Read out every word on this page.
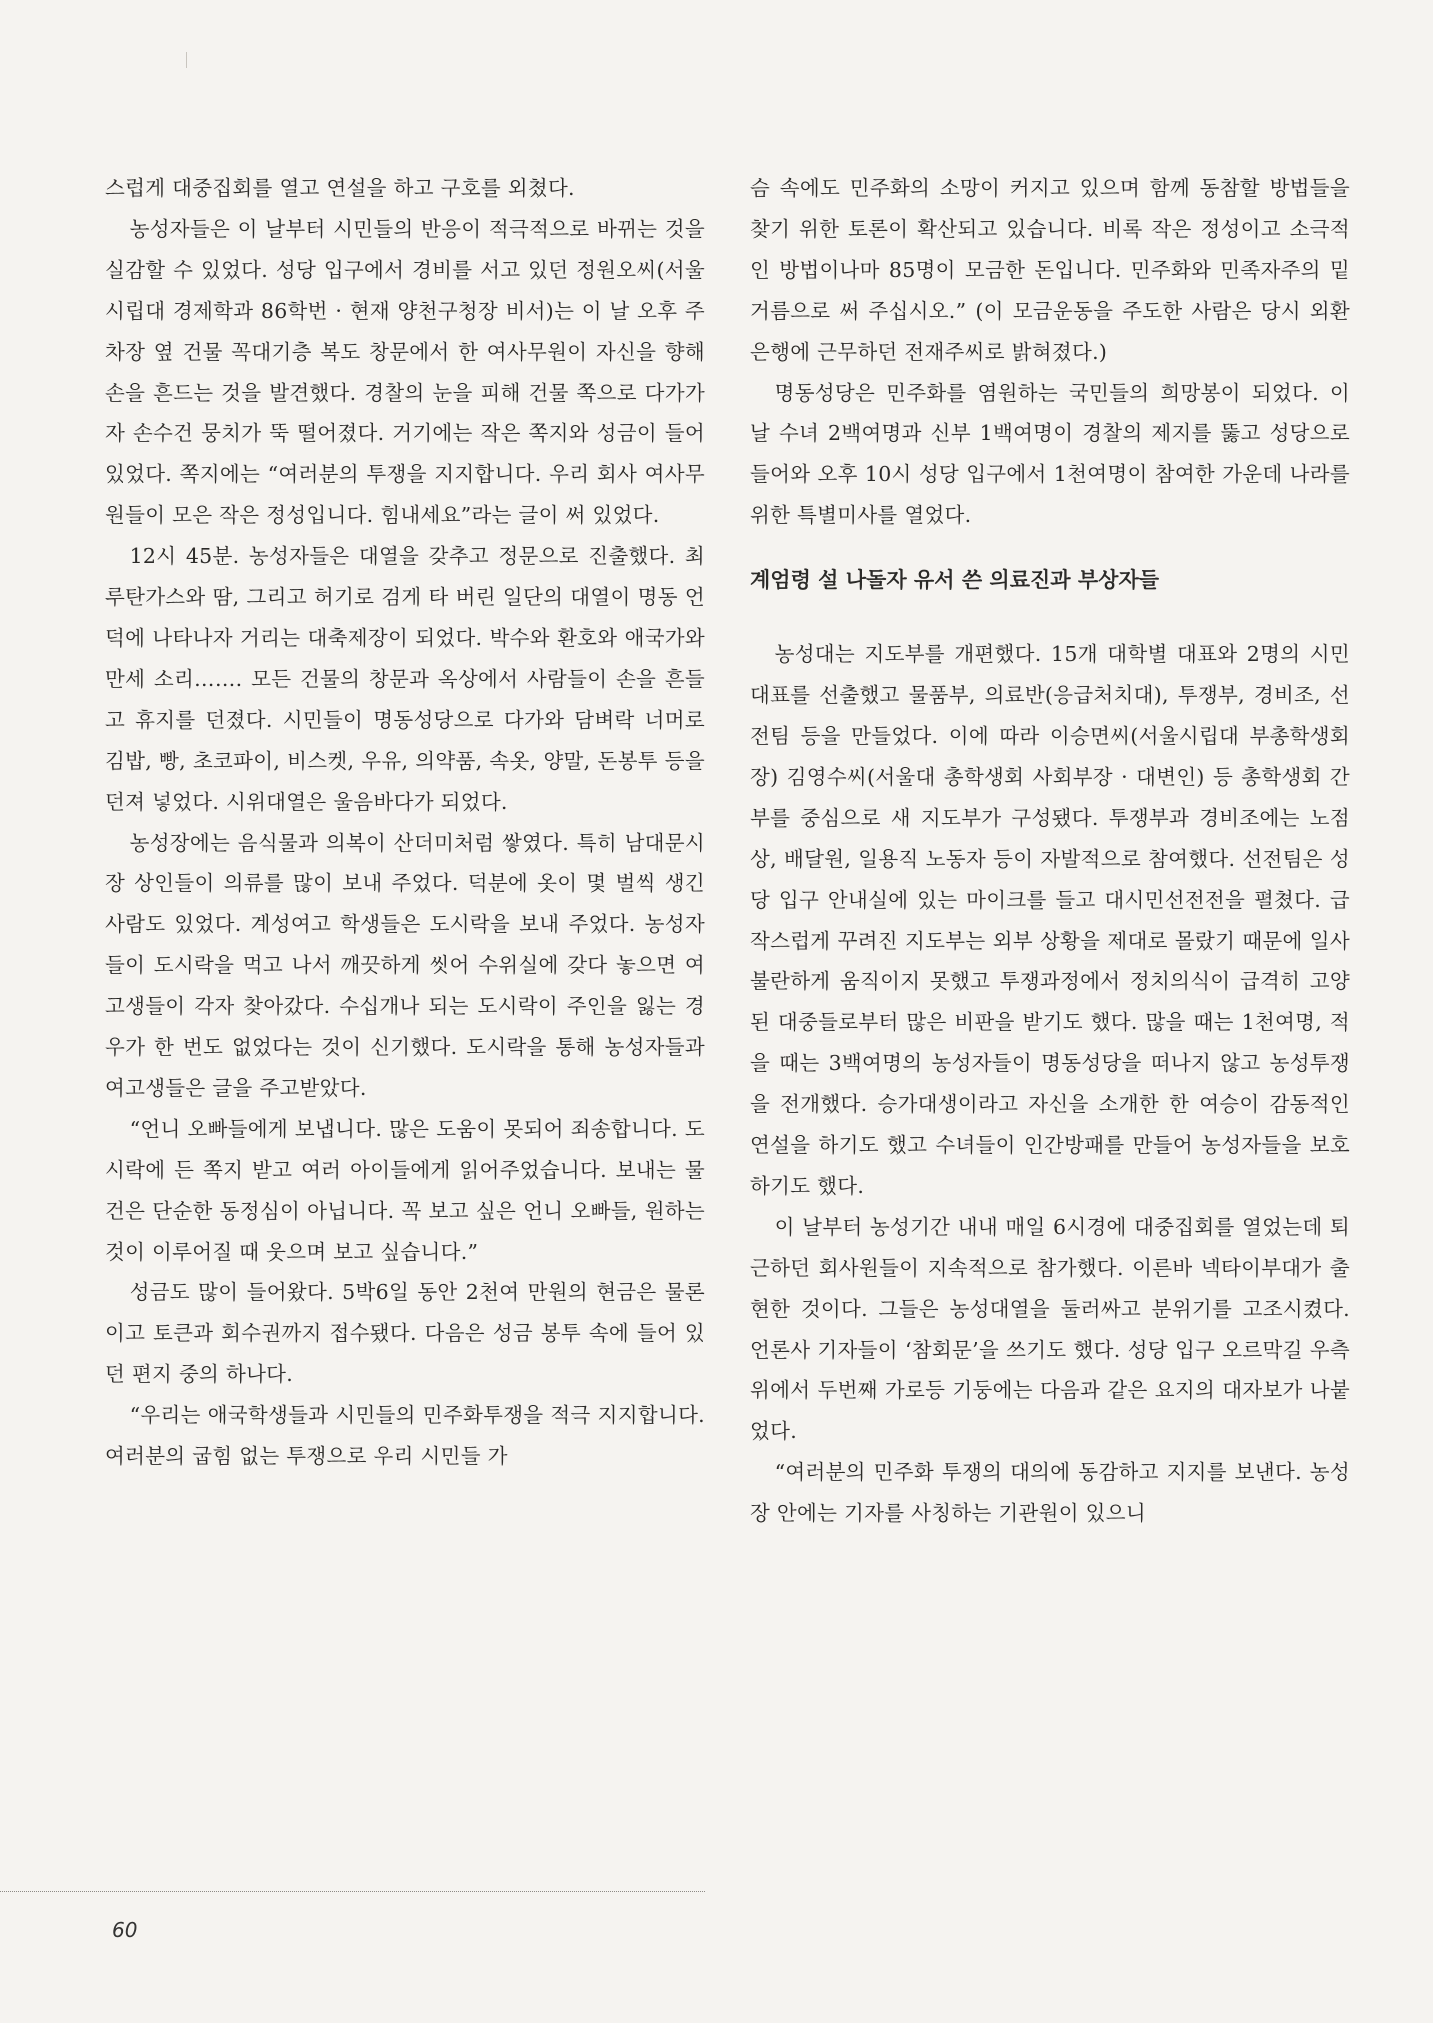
스럽게 대중집회를 열고 연설을 하고 구호를 외쳤다.

농성자들은 이 날부터 시민들의 반응이 적극적으로 바뀌는 것을 실감할 수 있었다. 성당 입구에서 경비를 서고 있던 정원오씨(서울시립대 경제학과 86학번 · 현재 양천구청장 비서)는 이 날 오후 주차장 옆 건물 꼭대기층 복도 창문에서 한 여사무원이 자신을 향해 손을 흔드는 것을 발견했다. 경찰의 눈을 피해 건물 쪽으로 다가가자 손수건 뭉치가 뚝 떨어졌다. 거기에는 작은 쪽지와 성금이 들어 있었다. 쪽지에는 “여러분의 투쟁을 지지합니다. 우리 회사 여사무원들이 모은 작은 정성입니다. 힘내세요”라는 글이 써 있었다.

12시 45분. 농성자들은 대열을 갖추고 정문으로 진출했다. 최루탄가스와 땀, 그리고 허기로 검게 타 버린 일단의 대열이 명동 언덕에 나타나자 거리는 대축제장이 되었다. 박수와 환호와 애국가와 만세 소리……. 모든 건물의 창문과 옥상에서 사람들이 손을 흔들고 휴지를 던졌다. 시민들이 명동성당으로 다가와 담벼락 너머로 김밥, 빵, 초코파이, 비스켓, 우유, 의약품, 속옷, 양말, 돈봉투 등을 던져 넣었다. 시위대열은 울음바다가 되었다.

농성장에는 음식물과 의복이 산더미처럼 쌓였다. 특히 남대문시장 상인들이 의류를 많이 보내 주었다. 덕분에 옷이 몇 벌씩 생긴 사람도 있었다. 계성여고 학생들은 도시락을 보내 주었다. 농성자들이 도시락을 먹고 나서 깨끗하게 씻어 수위실에 갖다 놓으면 여고생들이 각자 찾아갔다. 수십개나 되는 도시락이 주인을 잃는 경우가 한 번도 없었다는 것이 신기했다. 도시락을 통해 농성자들과 여고생들은 글을 주고받았다.

“언니 오빠들에게 보냅니다. 많은 도움이 못되어 죄송합니다. 도시락에 든 쪽지 받고 여러 아이들에게 읽어주었습니다. 보내는 물건은 단순한 동정심이 아닙니다. 꼭 보고 싶은 언니 오빠들, 원하는 것이 이루어질 때 웃으며 보고 싶습니다.”

성금도 많이 들어왔다. 5박6일 동안 2천여 만원의 현금은 물론이고 토큰과 회수권까지 접수됐다. 다음은 성금 봉투 속에 들어 있던 편지 중의 하나다.

“우리는 애국학생들과 시민들의 민주화투쟁을 적극 지지합니다. 여러분의 굽힘 없는 투쟁으로 우리 시민들 가

슴 속에도 민주화의 소망이 커지고 있으며 함께 동참할 방법들을 찾기 위한 토론이 확산되고 있습니다. 비록 작은 정성이고 소극적인 방법이나마 85명이 모금한 돈입니다. 민주화와 민족자주의 밑거름으로 써 주십시오.” (이 모금운동을 주도한 사람은 당시 외환은행에 근무하던 전재주씨로 밝혀졌다.)

명동성당은 민주화를 염원하는 국민들의 희망봉이 되었다. 이 날 수녀 2백여명과 신부 1백여명이 경찰의 제지를 뚫고 성당으로 들어와 오후 10시 성당 입구에서 1천여명이 참여한 가운데 나라를 위한 특별미사를 열었다.

계엄령 설 나돌자 유서 쓴 의료진과 부상자들

농성대는 지도부를 개편했다. 15개 대학별 대표와 2명의 시민대표를 선출했고 물품부, 의료반(응급처치대), 투쟁부, 경비조, 선전팀 등을 만들었다. 이에 따라 이승면씨(서울시립대 부총학생회장) 김영수씨(서울대 총학생회 사회부장 · 대변인) 등 총학생회 간부를 중심으로 새 지도부가 구성됐다. 투쟁부과 경비조에는 노점상, 배달원, 일용직 노동자 등이 자발적으로 참여했다. 선전팀은 성당 입구 안내실에 있는 마이크를 들고 대시민선전전을 펼쳤다. 급작스럽게 꾸려진 지도부는 외부 상황을 제대로 몰랐기 때문에 일사불란하게 움직이지 못했고 투쟁과정에서 정치의식이 급격히 고양된 대중들로부터 많은 비판을 받기도 했다. 많을 때는 1천여명, 적을 때는 3백여명의 농성자들이 명동성당을 떠나지 않고 농성투쟁을 전개했다. 승가대생이라고 자신을 소개한 한 여승이 감동적인 연설을 하기도 했고 수녀들이 인간방패를 만들어 농성자들을 보호하기도 했다.

이 날부터 농성기간 내내 매일 6시경에 대중집회를 열었는데 퇴근하던 회사원들이 지속적으로 참가했다. 이른바 넥타이부대가 출현한 것이다. 그들은 농성대열을 둘러싸고 분위기를 고조시켰다. 언론사 기자들이 ‘참회문’을 쓰기도 했다. 성당 입구 오르막길 우측 위에서 두번째 가로등 기둥에는 다음과 같은 요지의 대자보가 나붙었다.

“여러분의 민주화 투쟁의 대의에 동감하고 지지를 보낸다. 농성장 안에는 기자를 사칭하는 기관원이 있으니

60
